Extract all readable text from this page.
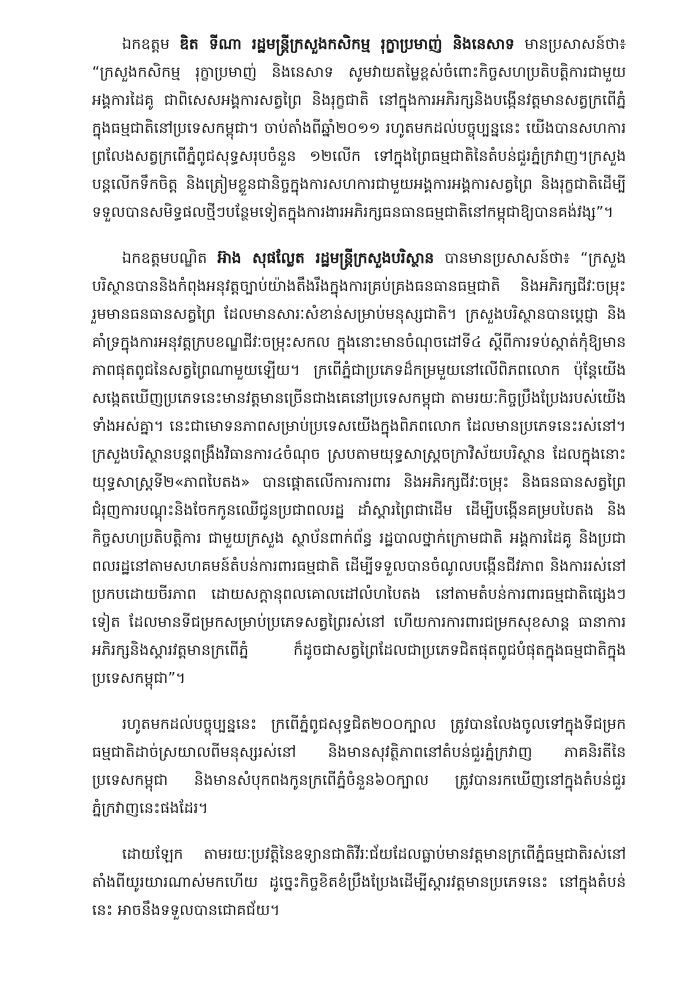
ឯកឧត្តម ឌិត ទីណា រដ្ឋមន្ត្រីក្រសួងកសិកម្ម រុក្ខាប្រមាញ់ និងនេសាទ មានប្រសាសន៍ថា៖ “ក្រសួងកសិកម្ម រុក្ខាប្រមាញ់ និងនេសាទ សូមវាយតម្លៃខ្ពស់ចំពោះកិច្ចសហប្រតិបត្តិការជាមួយអង្គការដៃគូ ជាពិសេសអង្គការសត្វព្រៃ និងរុក្ខជាតិ នៅក្នុងការអភិរក្សនិងបង្កើនវត្តមានសត្វក្រពើភ្នំក្នុងធម្មជាតិនៅប្រទេសកម្ពុជា។ ចាប់តាំងពីឆ្នាំ២០១១ រហូតមកដល់បច្ចុប្បន្ននេះ យើងបានសហការព្រលែងសត្វក្រពើភ្នំពូជសុទ្ធសរុបចំនួន ១២លើក ទៅក្នុងព្រៃធម្មជាតិនៃតំបន់ជួរភ្នំក្រវាញ។ក្រសួងបន្តលើកទឹកចិត្ត និងត្រៀមខ្លួនជានិច្ចក្នុងការសហការជាមួយអង្គការអង្គការសត្វព្រៃ និងរុក្ខជាតិដើម្បីទទួលបានសមិទ្ធផលថ្មីៗបន្ថែមទៀតក្នុងការងារអភិរក្សធនធានធម្មជាតិនៅកម្ពុជាឱ្យបានគង់វង្ស”។

ឯកឧត្តមបណ្ឌិត អ៊ាង សុផល្លែត រដ្ឋមន្ត្រីក្រសួងបរិស្ថាន បានមានប្រសាសន៍ថា៖ “ក្រសួងបរិស្ថានបាននិងកំពុងអនុវត្តច្បាប់យ៉ាងតឹងរឹងក្នុងការគ្រប់គ្រងធនធានធម្មជាតិ និងអភិរក្សជីវៈចម្រុះ រួមមានធនធានសត្វព្រៃ ដែលមានសារៈសំខាន់សម្រាប់មនុស្សជាតិ។ ក្រសួងបរិស្ថានបានប្តេជ្ញា និងគាំទ្រក្នុងការអនុវត្តក្របខណ្ឌជីវៈចម្រុះសកល ក្នុងនោះមានចំណុចដៅទី៤ ស្តីពីការទប់ស្កាត់កុំឱ្យមានភាពផុតពូជនៃសត្វព្រៃណាមួយឡើយ។ ក្រពើភ្នំជាប្រភេទដ៏កម្រមួយនៅលើពិភពលោក ប៉ុន្តែយើងសង្កេតឃើញប្រភេទនេះមានវត្តមានច្រើនជាងគេនៅប្រទេសកម្ពុជា តាមរយៈកិច្ចប្រឹងប្រែងរបស់យើងទាំងអស់គ្នា។ នេះជាមោទនភាពសម្រាប់ប្រទេសយើងក្នុងពិភពលោក ដែលមានប្រភេទនេះរស់នៅ។ ក្រសួងបរិស្ថានបន្តពង្រឹងវិធានការ៤ចំណុច ស្របតាមយុទ្ធសាស្ត្រចក្រាវិស័យបរិស្ថាន ដែលក្នុងនោះយុទ្ធសាស្ត្រទី២«ភាពបៃតង» បានផ្តោតលើការការពារ និងអភិរក្សជីវៈចម្រុះ និងធនធានសត្វព្រៃ ជំរុញការបណ្តុះនិងចែកកូនឈើជូនប្រជាពលរដ្ឋ ដាំស្តារព្រៃជាដើម ដើម្បីបង្កើនគម្របបៃតង និងកិច្ចសហប្រតិបត្តិការ ជាមួយក្រសួង ស្ថាប័នពាក់ព័ន្ធ រដ្ឋបាលថ្នាក់ក្រោមជាតិ អង្គការដៃគូ និងប្រជាពលរដ្ឋនៅតាមសហគមន៍តំបន់ការពារធម្មជាតិ ដើម្បីទទួលបានចំណូលបង្កើនជីវភាព និងការរស់នៅប្រកបដោយចីរភាព ដោយសក្តានុពលគោលដៅលំហបៃតង នៅតាមតំបន់ការពារធម្មជាតិផ្សេងៗទៀត ដែលមានទីជម្រកសម្រាប់ប្រភេទសត្វព្រៃរស់នៅ ហើយការការពារជម្រកសុខសាន្ត ធានាការអភិរក្សនិងស្តារវត្តមានក្រពើភ្នំ ក៏ដូចជាសត្វព្រៃដែលជាប្រភេទជិតផុតពូជបំផុតក្នុងធម្មជាតិក្នុងប្រទេសកម្ពុជា”។

រហូតមកដល់បច្ចុប្បន្ននេះ ក្រពើភ្នំពូជសុទ្ធជិត២០០ក្បាល ត្រូវបានលែងចូលទៅក្នុងទីជម្រកធម្មជាតិដាច់ស្រយាលពីមនុស្សរស់នៅ និងមានសុវត្ថិភាពនៅតំបន់ជួរភ្នំក្រវាញ ភាគនិរតីនៃប្រទេសកម្ពុជា និងមានសំបុកពងកូនក្រពើភ្នំចំនួន៦០ក្បាល ត្រូវបានរកឃើញនៅក្នុងតំបន់ជួរភ្នំក្រវាញនេះផងដែរ។

ដោយឡែក តាមរយៈប្រវត្តិនៃឧទ្យានជាតិវីរៈជ័យដែលធ្លាប់មានវត្តមានក្រពើភ្នំធម្មជាតិរស់នៅតាំងពីយូរយារណាស់មកហើយ ដូច្នេះកិច្ចខិតខំប្រឹងប្រែងដើម្បីស្តារវត្តមានប្រភេទនេះ នៅក្នុងតំបន់នេះ អាចនឹងទទួលបានជោគជ័យ។
